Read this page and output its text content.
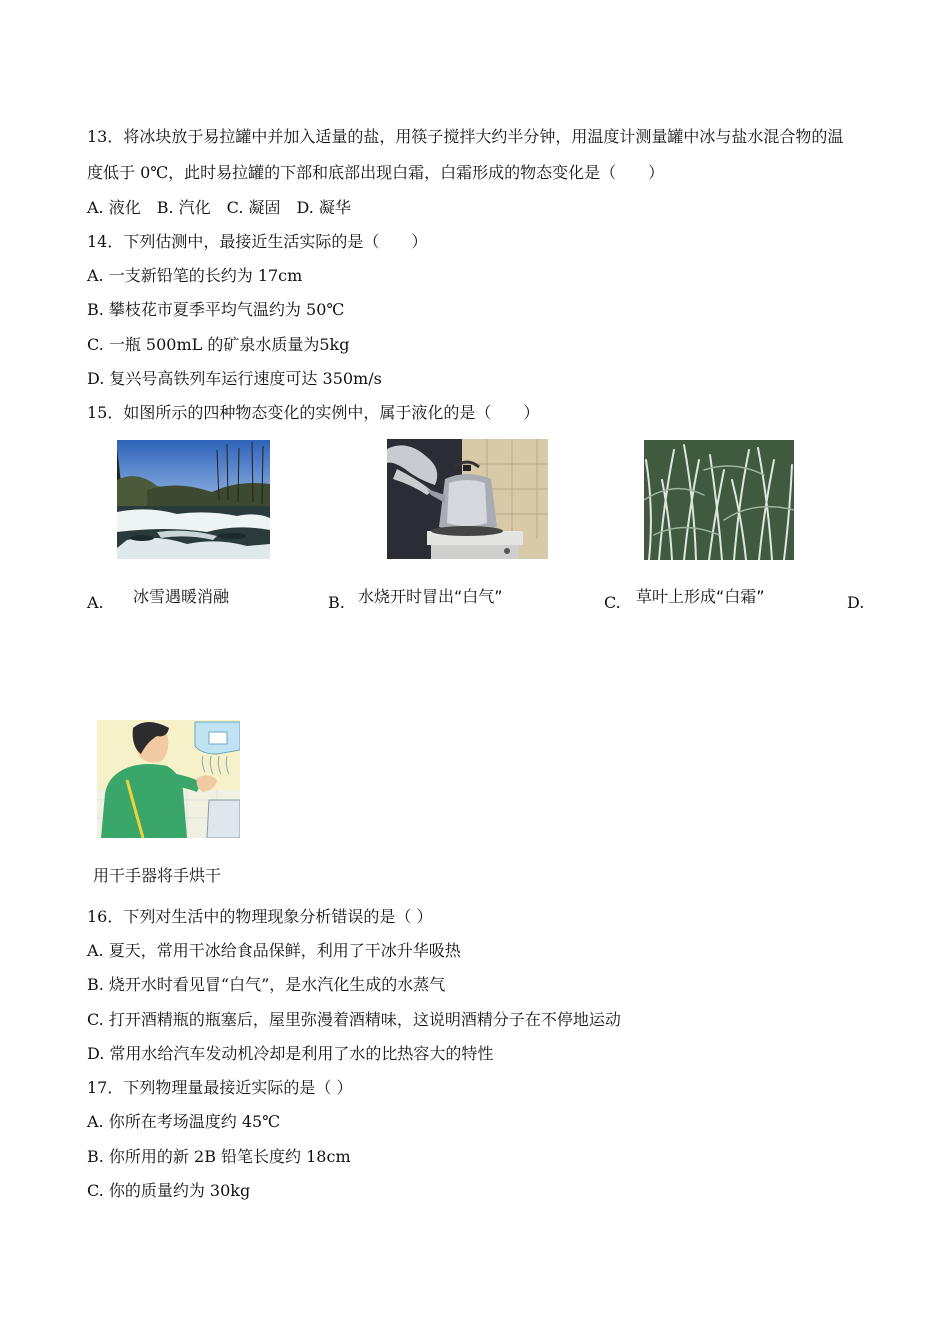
13．将冰块放于易拉罐中并加入适量的盐，用筷子搅拌大约半分钟，用温度计测量罐中冰与盐水混合物的温
度低于 0℃，此时易拉罐的下部和底部出现白霜，白霜形成的物态变化是（　　）
A. 液化　B. 汽化　C. 凝固　D. 凝华
14．下列估测中，最接近生活实际的是（　　）
A. 一支新铅笔的长约为 17cm
B. 攀枝花市夏季平均气温约为 50℃
C. 一瓶 500mL 的矿泉水质量为5kg
D. 复兴号高铁列车运行速度可达 350m/s
15．如图所示的四种物态变化的实例中，属于液化的是（　　）
A. 冰雪遇暖消融	B. 水烧开时冒出“白气”	C. 草叶上形成“白霜”	D.
用干手器将手烘干
16．下列对生活中的物理现象分析错误的是（ ）
A. 夏天，常用干冰给食品保鲜，利用了干冰升华吸热
B. 烧开水时看见冒“白气”，是水汽化生成的水蒸气
C. 打开酒精瓶的瓶塞后，屋里弥漫着酒精味，这说明酒精分子在不停地运动
D. 常用水给汽车发动机冷却是利用了水的比热容大的特性
17．下列物理量最接近实际的是（ ）
A. 你所在考场温度约 45℃
B. 你所用的新 2B 铅笔长度约 18cm
C. 你的质量约为 30kg
